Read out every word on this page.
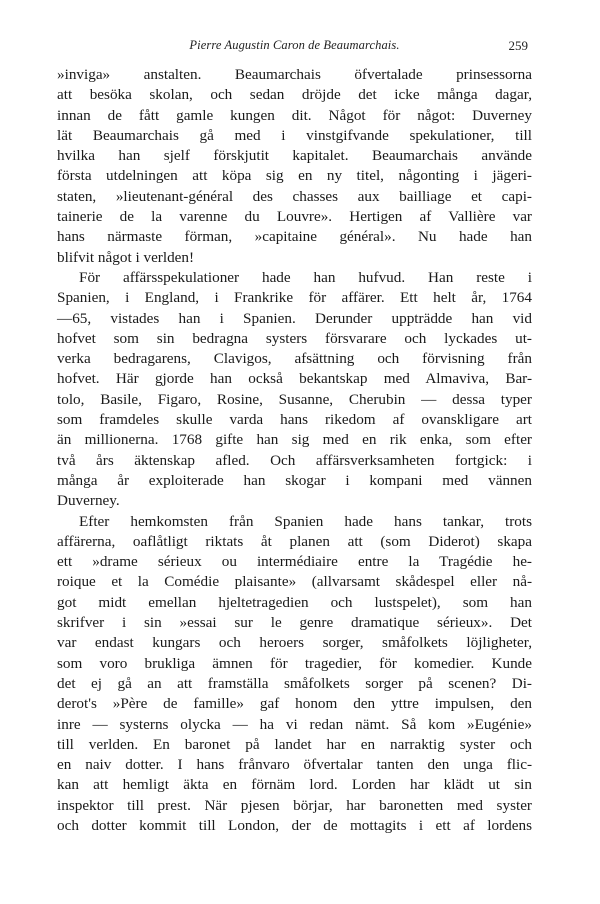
Pierre Augustin Caron de Beaumarchais.	259
»inviga» anstalten. Beaumarchais öfvertalade prinsessorna
att besöka skolan, och sedan dröjde det icke många dagar,
innan de fått gamle kungen dit. Något för något: Duverney
lät Beaumarchais gå med i vinstgifvande spekulationer, till
hvilka han sjelf förskjutit kapitalet. Beaumarchais använde
första utdelningen att köpa sig en ny titel, någonting i jägeri-
staten, »lieutenant-général des chasses aux bailliage et capi-
tainerie de la varenne du Louvre». Hertigen af Vallière var
hans närmaste förman, »capitaine général». Nu hade han
blifvit något i verlden!
För affärsspekulationer hade han hufvud. Han reste i
Spanien, i England, i Frankrike för affärer. Ett helt år, 1764
—65, vistades han i Spanien. Derunder uppträdde han vid
hofvet som sin bedragna systers försvarare och lyckades ut-
verka bedragarens, Clavigos, afsättning och förvisning från
hofvet. Här gjorde han också bekantskap med Almaviva, Bar-
tolo, Basile, Figaro, Rosine, Susanne, Cherubin — dessa typer
som framdeles skulle varda hans rikedom af ovanskligare art
än millionerna. 1768 gifte han sig med en rik enka, som efter
två års äktenskap afled. Och affärsverksamheten fortgick: i
många år exploiterade han skogar i kompani med vännen
Duverney.
Efter hemkomsten från Spanien hade hans tankar, trots
affärerna, oaflåtligt riktats åt planen att (som Diderot) skapa
ett »drame sérieux ou intermédiaire entre la Tragédie he-
roique et la Comédie plaisante» (allvarsamt skådespel eller nå-
got midt emellan hjeltetragedien och lustspelet), som han
skrifver i sin »essai sur le genre dramatique sérieux». Det
var endast kungars och heroers sorger, småfolkets löjligheter,
som voro brukliga ämnen för tragedier, för komedier. Kunde
det ej gå an att framställa småfolkets sorger på scenen? Di-
derot's »Père de famille» gaf honom den yttre impulsen, den
inre — systerns olycka — ha vi redan nämt. Så kom »Eugénie»
till verlden. En baronet på landet har en narraktig syster och
en naiv dotter. I hans frånvaro öfvertalar tanten den unga flic-
kan att hemligt äkta en förnäm lord. Lorden har klädt ut sin
inspektor till prest. När pjesen börjar, har baronetten med syster
och dotter kommit till London, der de mottagits i ett af lordens
